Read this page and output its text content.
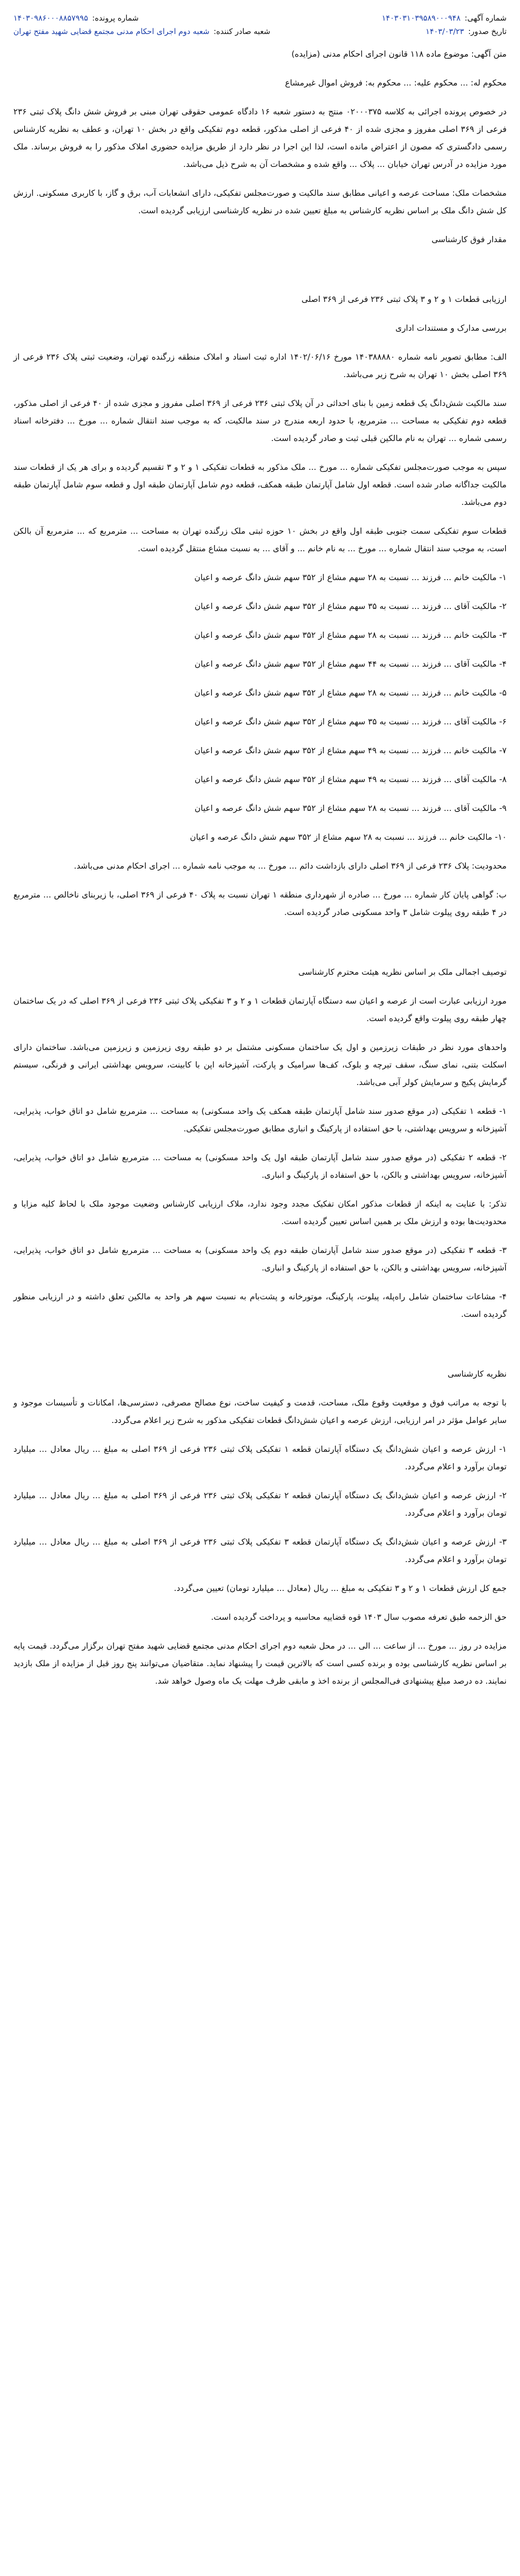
شماره آگهی:
۱۴۰۳۰۳۱۰۳۹۵۸۹۰۰۰۹۴۸
شماره پرونده:
۱۴۰۳۰۹۸۶۰۰۰۸۸۵۷۹۹۵
تاریخ صدور:
۱۴۰۳/۰۳/۲۳
شعبه صادر کننده:
شعبه دوم اجرای احکام مدنی مجتمع قضایی شهید مفتح تهران

متن آگهی: موضوع ماده ۱۱۸ قانون اجرای احکام مدنی (مزایده)

محکوم له: ... محکوم علیه: ... محکوم به: فروش اموال غیرمشاع

در خصوص پرونده اجرائی به کلاسه ۰۲۰۰۰۳۷۵ منتج به دستور شعبه ۱۶ دادگاه عمومی حقوقی تهران مبنی بر فروش شش دانگ پلاک ثبتی ۲۳۶ فرعی از ۳۶۹ اصلی مفروز و مجزی شده از ۴۰ فرعی از اصلی مذکور، قطعه دوم تفکیکی واقع در بخش ۱۰ تهران، و عطف به نظریه کارشناس رسمی دادگستری که مصون از اعتراض مانده است، لذا این اجرا در نظر دارد از طریق مزایده حضوری املاک مذکور را به فروش برساند. ملک مورد مزایده در آدرس تهران خیابان ... پلاک ... واقع شده و مشخصات آن به شرح ذیل می‌باشد.

مشخصات ملک: مساحت عرصه و اعیانی مطابق سند مالکیت و صورت‌مجلس تفکیکی، دارای انشعابات آب، برق و گاز، با کاربری مسکونی. ارزش کل شش دانگ ملک بر اساس نظریه کارشناس به مبلغ تعیین شده در نظریه کارشناسی ارزیابی گردیده است.

مقدار فوق کارشناسی

ارزیابی قطعات ۱ و ۲ و ۳ پلاک ثبتی ۲۳۶ فرعی از ۳۶۹ اصلی

بررسی مدارک و مستندات اداری

الف: مطابق تصویر نامه شماره ۱۴۰۳۸۸۸۸۰ مورخ ۱۴۰۲/۰۶/۱۶ اداره ثبت اسناد و املاک منطقه زرگنده تهران، وضعیت ثبتی پلاک ۲۳۶ فرعی از ۳۶۹ اصلی بخش ۱۰ تهران به شرح زیر می‌باشد.

سند مالکیت شش‌دانگ یک قطعه زمین با بنای احداثی در آن پلاک ثبتی ۲۳۶ فرعی از ۳۶۹ اصلی مفروز و مجزی شده از ۴۰ فرعی از اصلی مذکور، قطعه دوم تفکیکی به مساحت ... مترمربع، با حدود اربعه مندرج در سند مالکیت، که به موجب سند انتقال شماره ... مورخ ... دفترخانه اسناد رسمی شماره ... تهران به نام مالکین قبلی ثبت و صادر گردیده است.

سپس به موجب صورت‌مجلس تفکیکی شماره ... مورخ ... ملک مذکور به قطعات تفکیکی ۱ و ۲ و ۳ تقسیم گردیده و برای هر یک از قطعات سند مالکیت جداگانه صادر شده است. قطعه اول شامل آپارتمان طبقه همکف، قطعه دوم شامل آپارتمان طبقه اول و قطعه سوم شامل آپارتمان طبقه دوم می‌باشد.

قطعات سوم تفکیکی سمت جنوبی طبقه اول واقع در بخش ۱۰ حوزه ثبتی ملک زرگنده تهران به مساحت ... مترمربع که ... مترمربع آن بالکن است، به موجب سند انتقال شماره ... مورخ ... به نام خانم ... و آقای ... به نسبت مشاع منتقل گردیده است.

۱- مالکیت خانم ... فرزند ... نسبت به ۲۸ سهم مشاع از ۳۵۲ سهم شش دانگ عرصه و اعیان

۲- مالکیت آقای ... فرزند ... نسبت به ۳۵ سهم مشاع از ۳۵۲ سهم شش دانگ عرصه و اعیان

۳- مالکیت خانم ... فرزند ... نسبت به ۲۸ سهم مشاع از ۳۵۲ سهم شش دانگ عرصه و اعیان

۴- مالکیت آقای ... فرزند ... نسبت به ۴۴ سهم مشاع از ۳۵۲ سهم شش دانگ عرصه و اعیان

۵- مالکیت خانم ... فرزند ... نسبت به ۲۸ سهم مشاع از ۳۵۲ سهم شش دانگ عرصه و اعیان

۶- مالکیت آقای ... فرزند ... نسبت به ۳۵ سهم مشاع از ۳۵۲ سهم شش دانگ عرصه و اعیان

۷- مالکیت خانم ... فرزند ... نسبت به ۴۹ سهم مشاع از ۳۵۲ سهم شش دانگ عرصه و اعیان

۸- مالکیت آقای ... فرزند ... نسبت به ۴۹ سهم مشاع از ۳۵۲ سهم شش دانگ عرصه و اعیان

۹- مالکیت آقای ... فرزند ... نسبت به ۲۸ سهم مشاع از ۳۵۲ سهم شش دانگ عرصه و اعیان

۱۰- مالکیت خانم ... فرزند ... نسبت به ۲۸ سهم مشاع از ۳۵۲ سهم شش دانگ عرصه و اعیان

محدودیت: پلاک ۲۳۶ فرعی از ۳۶۹ اصلی دارای بازداشت دائم ... مورخ ... به موجب نامه شماره ... اجرای احکام مدنی می‌باشد.

ب: گواهی پایان کار شماره ... مورخ ... صادره از شهرداری منطقه ۱ تهران نسبت به پلاک ۴۰ فرعی از ۳۶۹ اصلی، با زیربنای ناخالص ... مترمربع در ۴ طبقه روی پیلوت شامل ۳ واحد مسکونی صادر گردیده است.

توصیف اجمالی ملک بر اساس نظریه هیئت محترم کارشناسی

مورد ارزیابی عبارت است از عرصه و اعیان سه دستگاه آپارتمان قطعات ۱ و ۲ و ۳ تفکیکی پلاک ثبتی ۲۳۶ فرعی از ۳۶۹ اصلی که در یک ساختمان چهار طبقه روی پیلوت واقع گردیده است.

واحدهای مورد نظر در طبقات زیرزمین و اول یک ساختمان مسکونی مشتمل بر دو طبقه روی زیرزمین و زیرزمین می‌باشد. ساختمان دارای اسکلت بتنی، نمای سنگ، سقف تیرچه و بلوک، کف‌ها سرامیک و پارکت، آشپزخانه اپن با کابینت، سرویس بهداشتی ایرانی و فرنگی، سیستم گرمایش پکیج و سرمایش کولر آبی می‌باشد.

۱- قطعه ۱ تفکیکی (در موقع صدور سند شامل آپارتمان طبقه همکف یک واحد مسکونی) به مساحت ... مترمربع شامل دو اتاق خواب، پذیرایی، آشپزخانه و سرویس بهداشتی، با حق استفاده از پارکینگ و انباری مطابق صورت‌مجلس تفکیکی.

۲- قطعه ۲ تفکیکی (در موقع صدور سند شامل آپارتمان طبقه اول یک واحد مسکونی) به مساحت ... مترمربع شامل دو اتاق خواب، پذیرایی، آشپزخانه، سرویس بهداشتی و بالکن، با حق استفاده از پارکینگ و انباری.

تذکر: با عنایت به اینکه از قطعات مذکور امکان تفکیک مجدد وجود ندارد، ملاک ارزیابی کارشناس وضعیت موجود ملک با لحاظ کلیه مزایا و محدودیت‌ها بوده و ارزش ملک بر همین اساس تعیین گردیده است.

۳- قطعه ۳ تفکیکی (در موقع صدور سند شامل آپارتمان طبقه دوم یک واحد مسکونی) به مساحت ... مترمربع شامل دو اتاق خواب، پذیرایی، آشپزخانه، سرویس بهداشتی و بالکن، با حق استفاده از پارکینگ و انباری.

۴- مشاعات ساختمان شامل راه‌پله، پیلوت، پارکینگ، موتورخانه و پشت‌بام به نسبت سهم هر واحد به مالکین تعلق داشته و در ارزیابی منظور گردیده است.

نظریه کارشناسی

با توجه به مراتب فوق و موقعیت وقوع ملک، مساحت، قدمت و کیفیت ساخت، نوع مصالح مصرفی، دسترسی‌ها، امکانات و تأسیسات موجود و سایر عوامل مؤثر در امر ارزیابی، ارزش عرصه و اعیان شش‌دانگ قطعات تفکیکی مذکور به شرح زیر اعلام می‌گردد.

۱- ارزش عرصه و اعیان شش‌دانگ یک دستگاه آپارتمان قطعه ۱ تفکیکی پلاک ثبتی ۲۳۶ فرعی از ۳۶۹ اصلی به مبلغ ... ریال معادل ... میلیارد تومان برآورد و اعلام می‌گردد.

۲- ارزش عرصه و اعیان شش‌دانگ یک دستگاه آپارتمان قطعه ۲ تفکیکی پلاک ثبتی ۲۳۶ فرعی از ۳۶۹ اصلی به مبلغ ... ریال معادل ... میلیارد تومان برآورد و اعلام می‌گردد.

۳- ارزش عرصه و اعیان شش‌دانگ یک دستگاه آپارتمان قطعه ۳ تفکیکی پلاک ثبتی ۲۳۶ فرعی از ۳۶۹ اصلی به مبلغ ... ریال معادل ... میلیارد تومان برآورد و اعلام می‌گردد.

جمع کل ارزش قطعات ۱ و ۲ و ۳ تفکیکی به مبلغ ... ریال (معادل ... میلیارد تومان) تعیین می‌گردد.

حق الزحمه طبق تعرفه مصوب سال ۱۴۰۳ قوه قضاییه محاسبه و پرداخت گردیده است.

مزایده در روز ... مورخ ... از ساعت ... الی ... در محل شعبه دوم اجرای احکام مدنی مجتمع قضایی شهید مفتح تهران برگزار می‌گردد. قیمت پایه بر اساس نظریه کارشناسی بوده و برنده کسی است که بالاترین قیمت را پیشنهاد نماید. متقاضیان می‌توانند پنج روز قبل از مزایده از ملک بازدید نمایند. ده درصد مبلغ پیشنهادی فی‌المجلس از برنده اخذ و مابقی ظرف مهلت یک ماه وصول خواهد شد.
